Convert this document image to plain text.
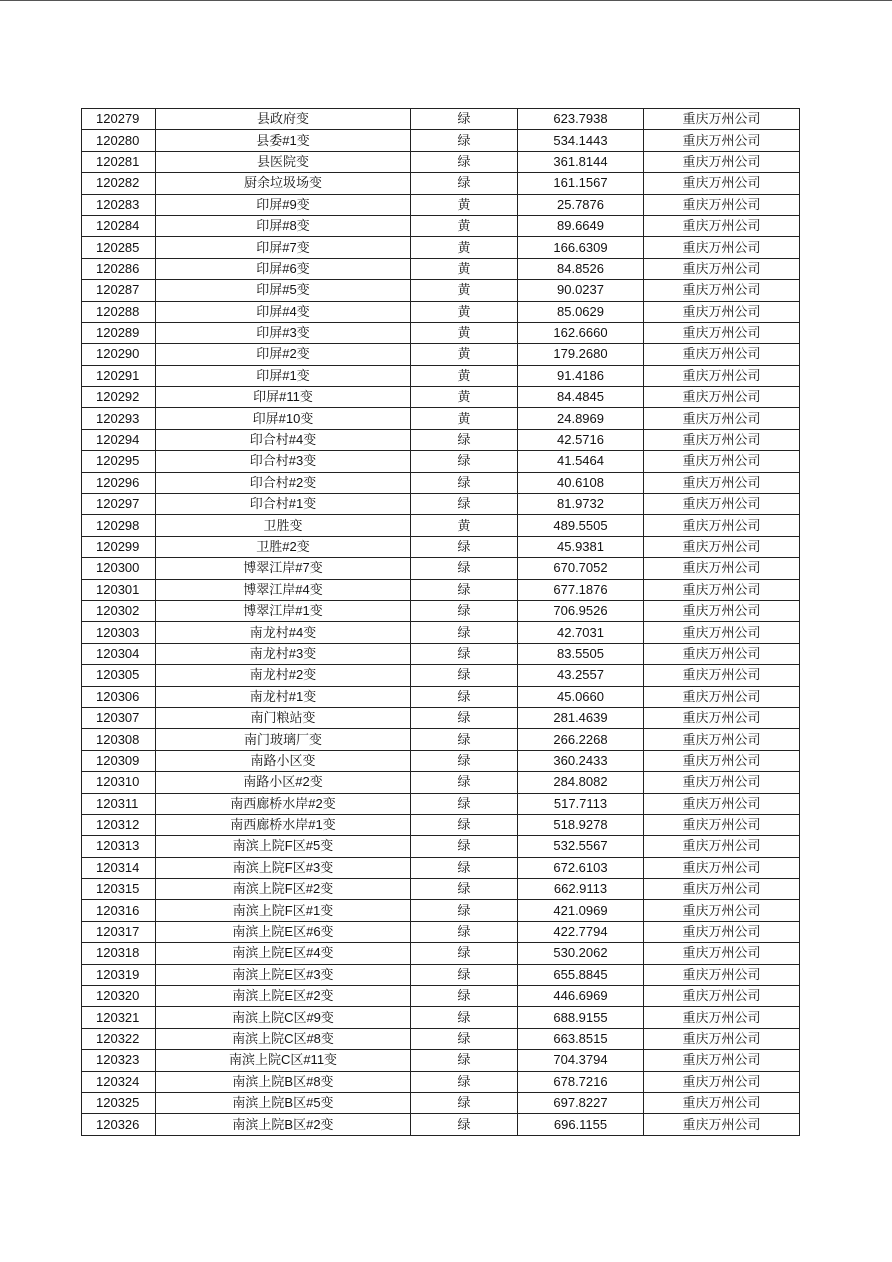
120279	县政府变	绿	623.7938	重庆万州公司
120280	县委#1变	绿	534.1443	重庆万州公司
120281	县医院变	绿	361.8144	重庆万州公司
120282	厨余垃圾场变	绿	161.1567	重庆万州公司
120283	印屏#9变	黄	25.7876	重庆万州公司
120284	印屏#8变	黄	89.6649	重庆万州公司
120285	印屏#7变	黄	166.6309	重庆万州公司
120286	印屏#6变	黄	84.8526	重庆万州公司
120287	印屏#5变	黄	90.0237	重庆万州公司
120288	印屏#4变	黄	85.0629	重庆万州公司
120289	印屏#3变	黄	162.6660	重庆万州公司
120290	印屏#2变	黄	179.2680	重庆万州公司
120291	印屏#1变	黄	91.4186	重庆万州公司
120292	印屏#11变	黄	84.4845	重庆万州公司
120293	印屏#10变	黄	24.8969	重庆万州公司
120294	印合村#4变	绿	42.5716	重庆万州公司
120295	印合村#3变	绿	41.5464	重庆万州公司
120296	印合村#2变	绿	40.6108	重庆万州公司
120297	印合村#1变	绿	81.9732	重庆万州公司
120298	卫胜变	黄	489.5505	重庆万州公司
120299	卫胜#2变	绿	45.9381	重庆万州公司
120300	博翠江岸#7变	绿	670.7052	重庆万州公司
120301	博翠江岸#4变	绿	677.1876	重庆万州公司
120302	博翠江岸#1变	绿	706.9526	重庆万州公司
120303	南龙村#4变	绿	42.7031	重庆万州公司
120304	南龙村#3变	绿	83.5505	重庆万州公司
120305	南龙村#2变	绿	43.2557	重庆万州公司
120306	南龙村#1变	绿	45.0660	重庆万州公司
120307	南门粮站变	绿	281.4639	重庆万州公司
120308	南门玻璃厂变	绿	266.2268	重庆万州公司
120309	南路小区变	绿	360.2433	重庆万州公司
120310	南路小区#2变	绿	284.8082	重庆万州公司
120311	南西廊桥水岸#2变	绿	517.7113	重庆万州公司
120312	南西廊桥水岸#1变	绿	518.9278	重庆万州公司
120313	南滨上院F区#5变	绿	532.5567	重庆万州公司
120314	南滨上院F区#3变	绿	672.6103	重庆万州公司
120315	南滨上院F区#2变	绿	662.9113	重庆万州公司
120316	南滨上院F区#1变	绿	421.0969	重庆万州公司
120317	南滨上院E区#6变	绿	422.7794	重庆万州公司
120318	南滨上院E区#4变	绿	530.2062	重庆万州公司
120319	南滨上院E区#3变	绿	655.8845	重庆万州公司
120320	南滨上院E区#2变	绿	446.6969	重庆万州公司
120321	南滨上院C区#9变	绿	688.9155	重庆万州公司
120322	南滨上院C区#8变	绿	663.8515	重庆万州公司
120323	南滨上院C区#11变	绿	704.3794	重庆万州公司
120324	南滨上院B区#8变	绿	678.7216	重庆万州公司
120325	南滨上院B区#5变	绿	697.8227	重庆万州公司
120326	南滨上院B区#2变	绿	696.1155	重庆万州公司
